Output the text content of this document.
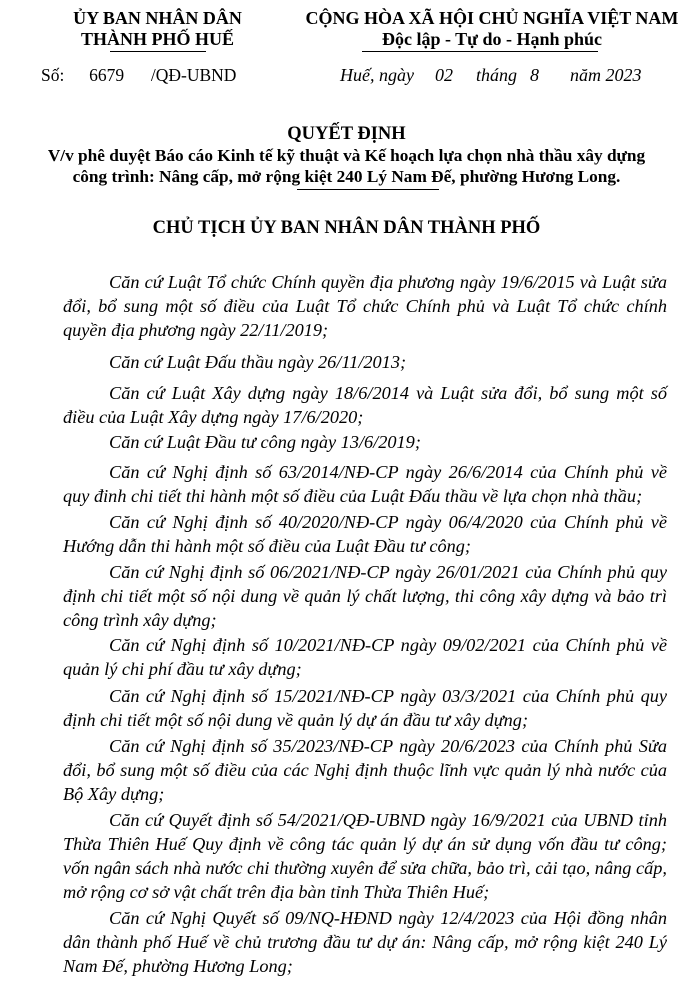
ỦY BAN NHÂN DÂN
THÀNH PHỐ HUẾ
Số: 6679 /QĐ-UBND
CỘNG HÒA XÃ HỘI CHỦ NGHĨA VIỆT NAM
Độc lập - Tự do - Hạnh phúc
Huế, ngày 02 tháng 8 năm 2023
QUYẾT ĐỊNH
V/v phê duyệt Báo cáo Kinh tế kỹ thuật và Kế hoạch lựa chọn nhà thầu xây dựng
công trình: Nâng cấp, mở rộng kiệt 240 Lý Nam Đế, phường Hương Long.
CHỦ TỊCH ỦY BAN NHÂN DÂN THÀNH PHỐ
Căn cứ Luật Tổ chức Chính quyền địa phương ngày 19/6/2015 và Luật sửa đổi, bổ sung một số điều của Luật Tổ chức Chính phủ và Luật Tổ chức chính quyền địa phương ngày 22/11/2019;
Căn cứ Luật Đấu thầu ngày 26/11/2013;
Căn cứ Luật Xây dựng ngày 18/6/2014 và Luật sửa đổi, bổ sung một số điều của Luật Xây dựng ngày 17/6/2020;
Căn cứ Luật Đầu tư công ngày 13/6/2019;
Căn cứ Nghị định số 63/2014/NĐ-CP ngày 26/6/2014 của Chính phủ về quy đinh chi tiết thi hành một số điều của Luật Đấu thầu về lựa chọn nhà thầu;
Căn cứ Nghị định số 40/2020/NĐ-CP ngày 06/4/2020 của Chính phủ về Hướng dẫn thi hành một số điều của Luật Đầu tư công;
Căn cứ Nghị định số 06/2021/NĐ-CP ngày 26/01/2021 của Chính phủ quy định chi tiết một số nội dung về quản lý chất lượng, thi công xây dựng và bảo trì công trình xây dựng;
Căn cứ Nghị định số 10/2021/NĐ-CP ngày 09/02/2021 của Chính phủ về quản lý chi phí đầu tư xây dựng;
Căn cứ Nghị định số 15/2021/NĐ-CP ngày 03/3/2021 của Chính phủ quy định chi tiết một số nội dung về quản lý dự án đầu tư xây dựng;
Căn cứ Nghị định số 35/2023/NĐ-CP ngày 20/6/2023 của Chính phủ Sửa đổi, bổ sung một số điều của các Nghị định thuộc lĩnh vực quản lý nhà nước của Bộ Xây dựng;
Căn cứ Quyết định số 54/2021/QĐ-UBND ngày 16/9/2021 của UBND tỉnh Thừa Thiên Huế Quy định về công tác quản lý dự án sử dụng vốn đầu tư công; vốn ngân sách nhà nước chi thường xuyên để sửa chữa, bảo trì, cải tạo, nâng cấp, mở rộng cơ sở vật chất trên địa bàn tỉnh Thừa Thiên Huế;
Căn cứ Nghị Quyết số 09/NQ-HĐND ngày 12/4/2023 của Hội đồng nhân dân thành phố Huế về chủ trương đầu tư dự án: Nâng cấp, mở rộng kiệt 240 Lý Nam Đế, phường Hương Long;
